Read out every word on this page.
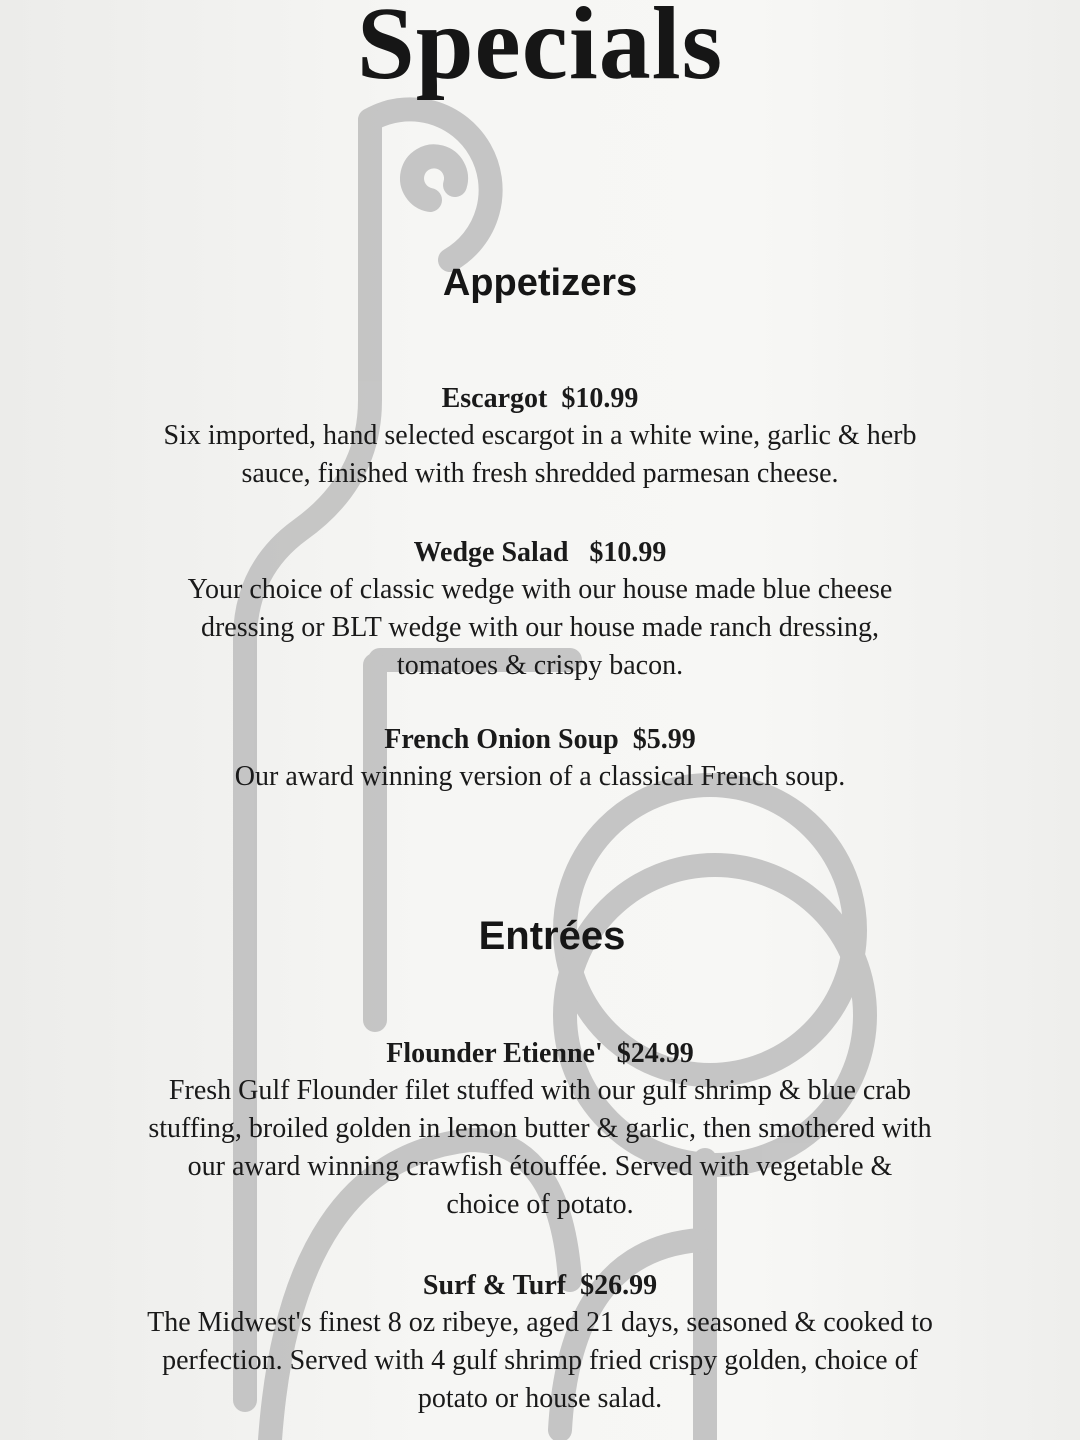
Specials
Appetizers
Escargot $10.99
Six imported, hand selected escargot in a white wine, garlic & herb
sauce, finished with fresh shredded parmesan cheese.
Wedge Salad $10.99
Your choice of classic wedge with our house made blue cheese
dressing or BLT wedge with our house made ranch dressing,
tomatoes & crispy bacon.
French Onion Soup $5.99
Our award winning version of a classical French soup.
Entrées
Flounder Etienne' $24.99
Fresh Gulf Flounder filet stuffed with our gulf shrimp & blue crab
stuffing, broiled golden in lemon butter & garlic, then smothered with
our award winning crawfish étouffée. Served with vegetable &
choice of potato.
Surf & Turf $26.99
The Midwest's finest 8 oz ribeye, aged 21 days, seasoned & cooked to
perfection. Served with 4 gulf shrimp fried crispy golden, choice of
potato or house salad.
